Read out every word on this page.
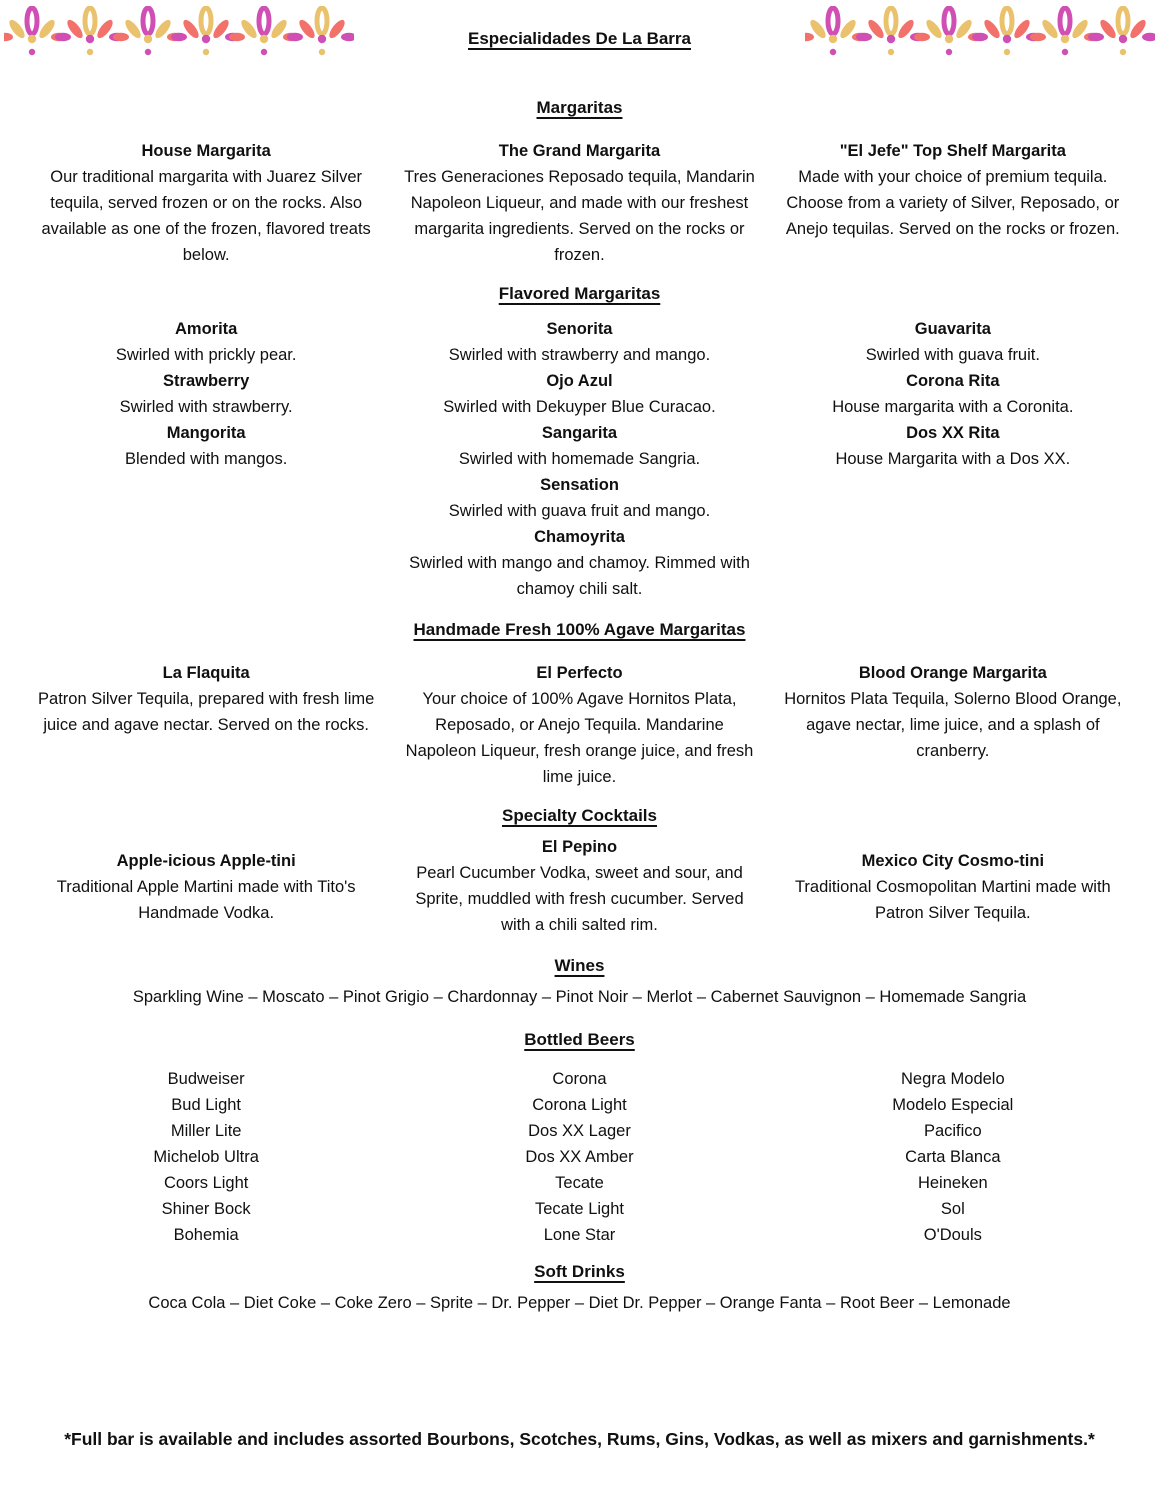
Especialidades De La Barra
Margaritas
House Margarita

Our traditional margarita with Juarez Silver tequila, served frozen or on the rocks. Also available as one of the frozen, flavored treats below.

The Grand Margarita

Tres Generaciones Reposado tequila, Mandarin Napoleon Liqueur, and made with our freshest margarita ingredients. Served on the rocks or frozen.

"El Jefe" Top Shelf Margarita

Made with your choice of premium tequila. Choose from a variety of Silver, Reposado, or Anejo tequilas. Served on the rocks or frozen.

Flavored Margaritas
Amorita

Swirled with prickly pear.

Strawberry

Swirled with strawberry.

Mangorita

Blended with mangos.

Senorita

Swirled with strawberry and mango.

Ojo Azul

Swirled with Dekuyper Blue Curacao.

Sangarita

Swirled with homemade Sangria.

Sensation

Swirled with guava fruit and mango.

Chamoyrita

Swirled with mango and chamoy. Rimmed with chamoy chili salt.

Guavarita

Swirled with guava fruit.

Corona Rita

House margarita with a Coronita.

Dos XX Rita

House Margarita with a Dos XX.

Handmade Fresh 100% Agave Margaritas
La Flaquita

Patron Silver Tequila, prepared with fresh lime juice and agave nectar. Served on the rocks.

El Perfecto

Your choice of 100% Agave Hornitos Plata, Reposado, or Anejo Tequila. Mandarine Napoleon Liqueur, fresh orange juice, and fresh lime juice.

Blood Orange Margarita

Hornitos Plata Tequila, Solerno Blood Orange, agave nectar, lime juice, and a splash of cranberry.

Specialty Cocktails
Apple-icious Apple-tini

Traditional Apple Martini made with Tito's Handmade Vodka.

El Pepino

Pearl Cucumber Vodka, sweet and sour, and Sprite, muddled with fresh cucumber. Served with a chili salted rim.

Mexico City Cosmo-tini

Traditional Cosmopolitan Martini made with Patron Silver Tequila.

Wines

Sparkling Wine – Moscato – Pinot Grigio – Chardonnay – Pinot Noir – Merlot – Cabernet Sauvignon – Homemade Sangria

Bottled Beers
Budweiser
Bud Light
Miller Lite
Michelob Ultra
Coors Light
Shiner Bock
Bohemia
Corona
Corona Light
Dos XX Lager
Dos XX Amber
Tecate
Tecate Light
Lone Star
Negra Modelo
Modelo Especial
Pacifico
Carta Blanca
Heineken
Sol
O'Douls
Soft Drinks

Coca Cola – Diet Coke – Coke Zero – Sprite – Dr. Pepper – Diet Dr. Pepper – Orange Fanta – Root Beer – Lemonade

*Full bar is available and includes assorted Bourbons, Scotches, Rums, Gins, Vodkas, as well as mixers and garnishments.*
